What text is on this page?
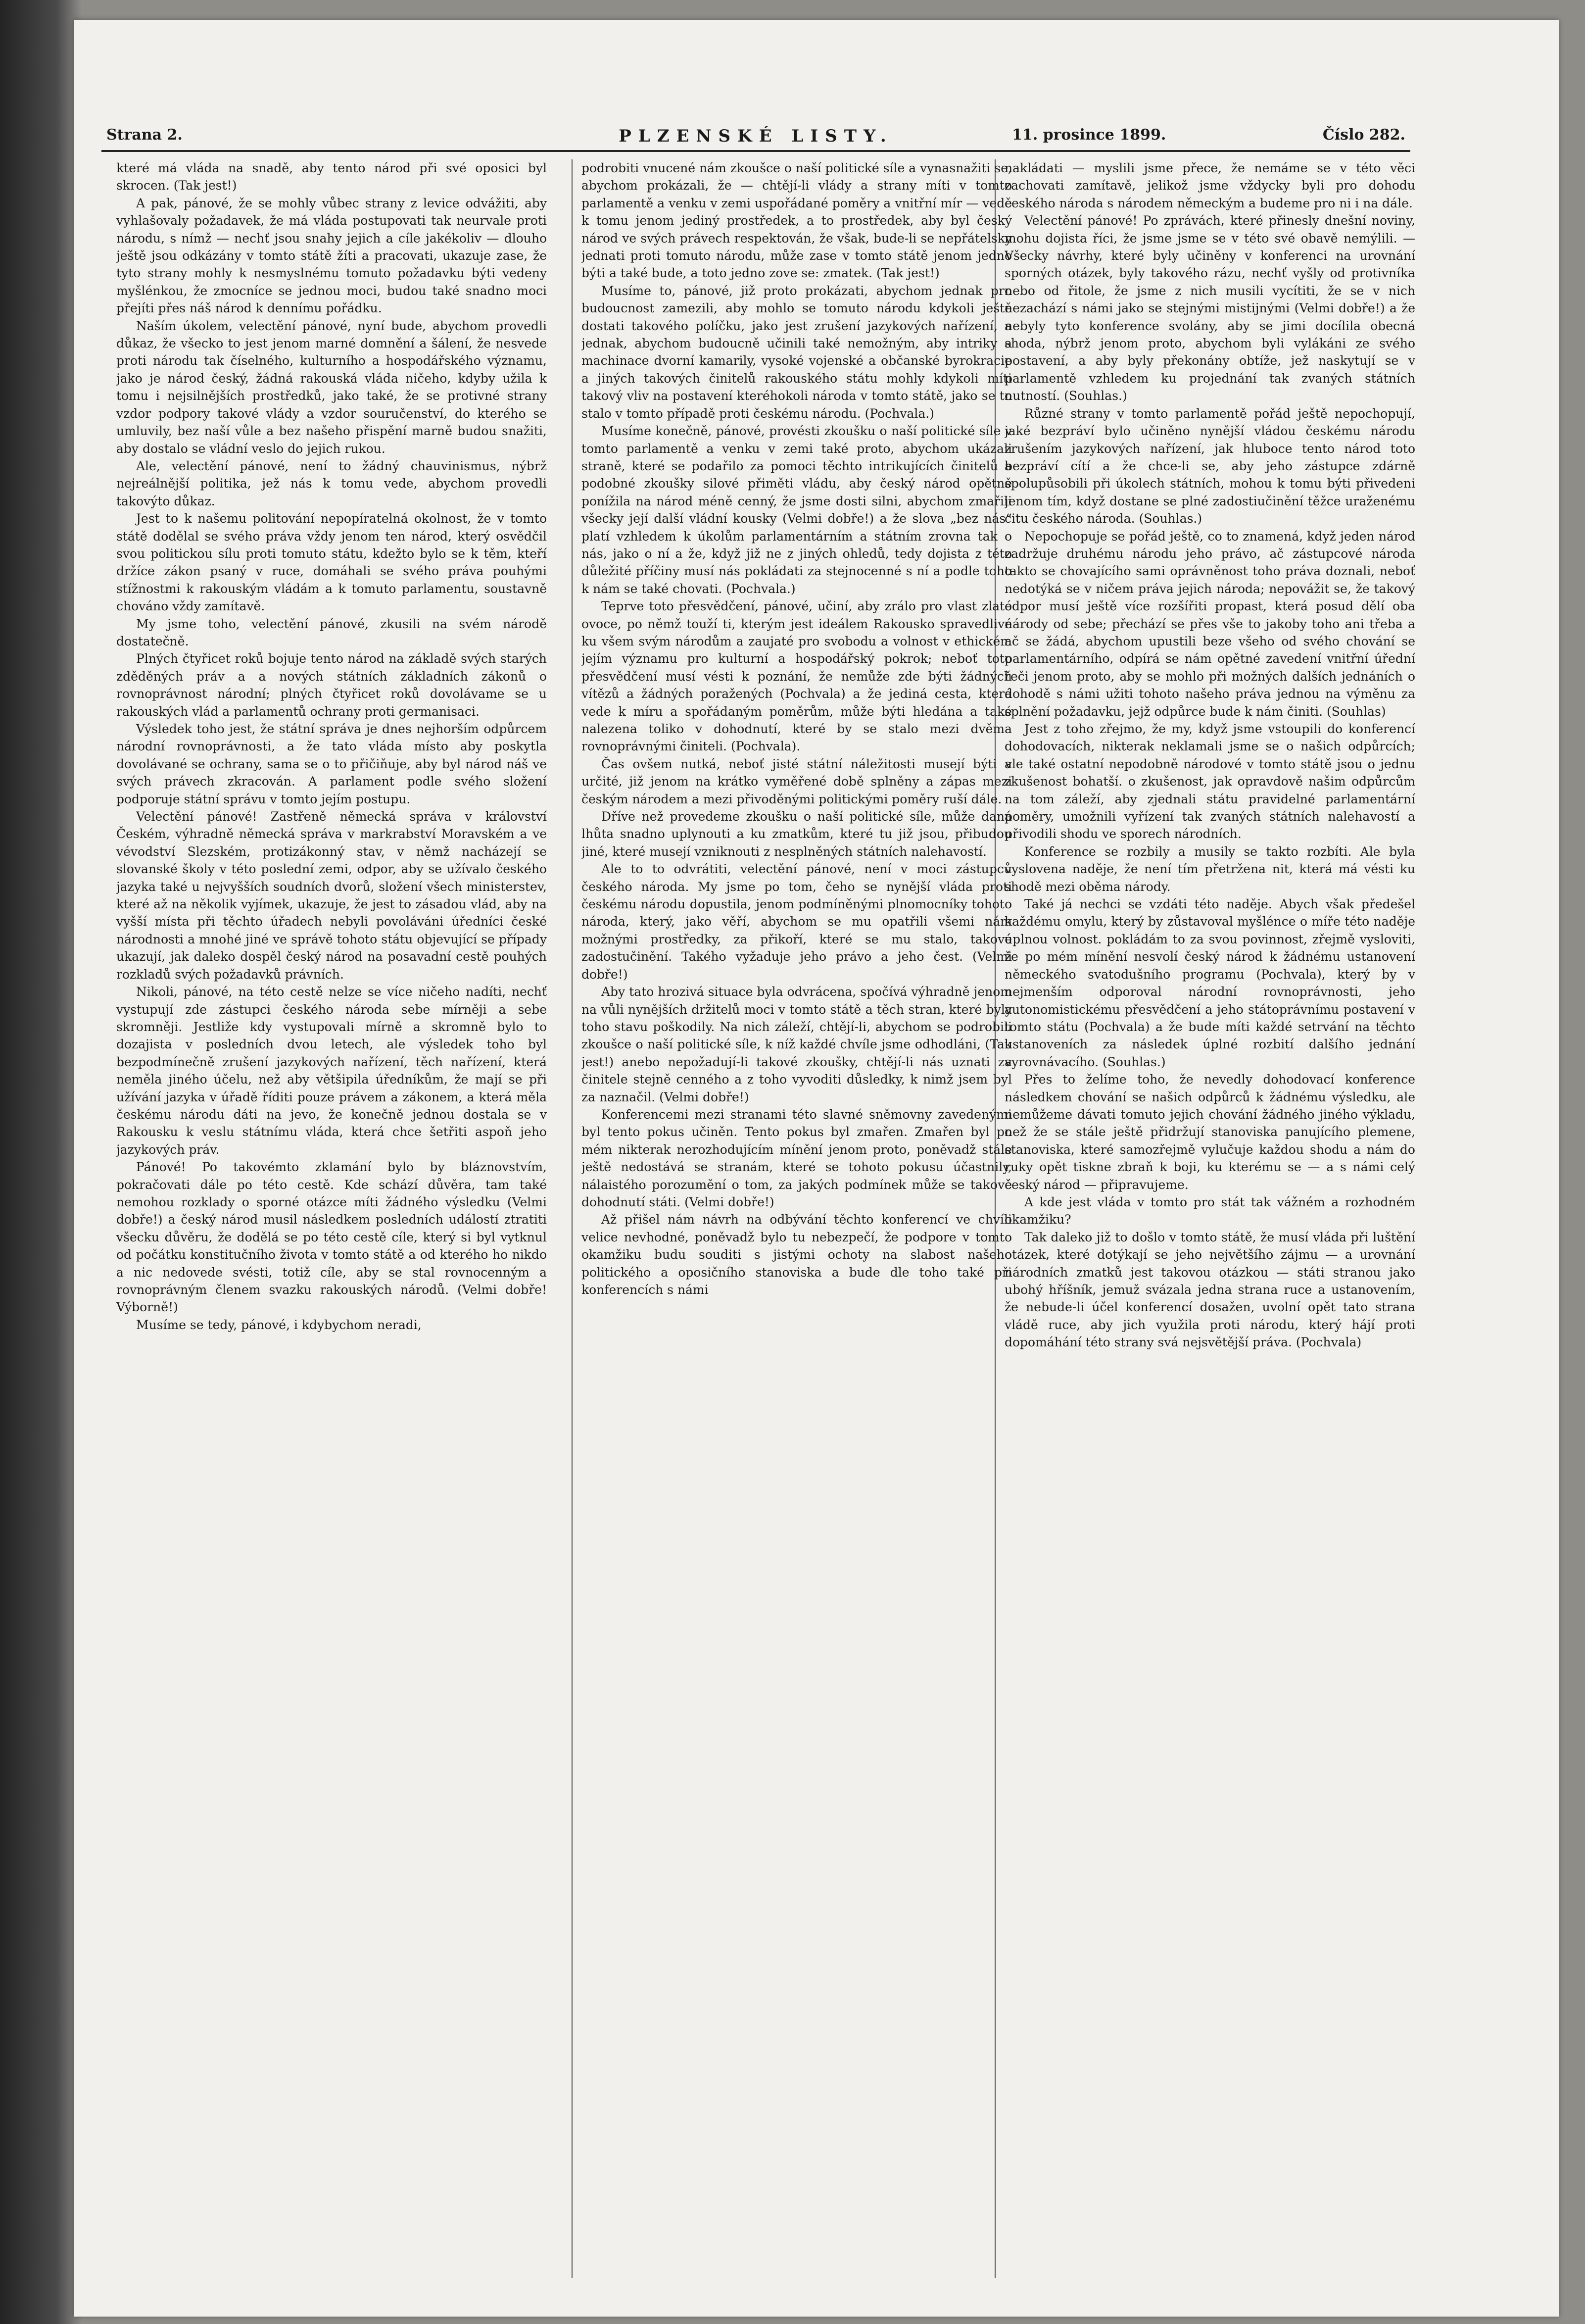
Strana 2.	PLZENSKÉ LISTY.	11. prosince 1899.	Číslo 282.

které má vláda na snadě, aby tento národ při své oposici byl skrocen. (Tak jest!)

A pak, pánové, že se mohly vůbec strany z levice odvážiti, aby vyhlašovaly požadavek, že má vláda postupovati tak neurvale proti národu, s nímž — nechť jsou snahy jejich a cíle jakékoliv — dlouho ještě jsou odkázány v tomto státě žíti a pracovati, ukazuje zase, že tyto strany mohly k nesmyslnému tomuto požadavku býti vedeny myšlénkou, že zmocníce se jednou moci, budou také snadno moci přejíti přes náš národ k dennímu pořádku.

Naším úkolem, velectění pánové, nyní bude, abychom provedli důkaz, že všecko to jest jenom marné domnění a šálení, že nesvede proti národu tak číselného, kulturního a hospodářského významu, jako je národ český, žádná rakouská vláda ničeho, kdyby užila k tomu i nejsilnějších prostředků, jako také, že se protivné strany vzdor podpory takové vlády a vzdor souručenství, do kterého se umluvily, bez naší vůle a bez našeho přispění marně budou snažiti, aby dostalo se vládní veslo do jejich rukou.

Ale, velectění pánové, není to žádný chauvinismus, nýbrž nejreálnější politika, jež nás k tomu vede, abychom provedli takovýto důkaz.

Jest to k našemu politování nepopíratelná okolnost, že v tomto státě dodělal se svého práva vždy jenom ten národ, který osvědčil svou politickou sílu proti tomuto státu, kdežto bylo se k těm, kteří držíce zákon psaný v ruce, domáhali se svého práva pouhými stížnostmi k rakouským vládám a k tomuto parlamentu, soustavně chováno vždy zamítavě.

My jsme toho, velectění pánové, zkusili na svém národě dostatečně.

Plných čtyřicet roků bojuje tento národ na základě svých starých zděděných práv a a nových státních základních zákonů o rovnoprávnost národní; plných čtyřicet roků dovolávame se u rakouských vlád a parlamentů ochrany proti germanisaci.

Výsledek toho jest, že státní správa je dnes nejhorším odpůrcem národní rovnoprávnosti, a že tato vláda místo aby poskytla dovolávané se ochrany, sama se o to přičiňuje, aby byl národ náš ve svých právech zkracován. A parlament podle svého složení podporuje státní správu v tomto jejím postupu.

Velectění pánové! Zastřeně německá správa v království Českém, výhradně německá správa v markrabství Moravském a ve vévodství Slezském, protizákonný stav, v němž nacházejí se slovanské školy v této poslední zemi, odpor, aby se užívalo českého jazyka také u nejvyšších soudních dvorů, složení všech ministerstev, které až na několik vyjímek, ukazuje, že jest to zásadou vlád, aby na vyšší místa při těchto úřadech nebyli povoláváni úředníci české národnosti a mnohé jiné ve správě tohoto státu objevující se případy ukazují, jak daleko dospěl český národ na posavadní cestě pouhých rozkladů svých požadavků právních.

Nikoli, pánové, na této cestě nelze se více ničeho nadíti, nechť vystupují zde zástupci českého národa sebe mírněji a sebe skromněji. Jestliže kdy vystupovali mírně a skromně bylo to dozajista v posledních dvou letech, ale výsledek toho byl bezpodmínečně zrušení jazykových nařízení, těch nařízení, která neměla jiného účelu, než aby většipila úředníkům, že mají se při užívání jazyka v úřadě říditi pouze právem a zákonem, a která měla českému národu dáti na jevo, že konečně jednou dostala se v Rakousku k veslu státnímu vláda, která chce šetřiti aspoň jeho jazykových práv.

Pánové! Po takovémto zklamání bylo by bláznovstvím, pokračovati dále po této cestě. Kde schází důvěra, tam také nemohou rozklady o sporné otázce míti žádného výsledku (Velmi dobře!) a český národ musil následkem posledních událostí ztratiti všecku důvěru, že dodělá se po této cestě cíle, který si byl vytknul od počátku konstitučního života v tomto státě a od kterého ho nikdo a nic nedovede svésti, totiž cíle, aby se stal rovnocenným a rovnoprávným členem svazku rakouských národů. (Velmi dobře! Výborně!)

Musíme se tedy, pánové, i kdybychom neradi,

podrobiti vnucené nám zkoušce o naší politické síle a vynasnažiti se, abychom prokázali, že — chtějí-li vlády a strany míti v tomto parlamentě a venku v zemi uspořádané poměry a vnitřní mír — vede k tomu jenom jediný prostředek, a to prostředek, aby byl český národ ve svých právech respektován, že však, bude-li se nepřátelsky jednati proti tomuto národu, může zase v tomto státě jenom jedno býti a také bude, a toto jedno zove se: zmatek. (Tak jest!)

Musíme to, pánové, již proto prokázati, abychom jednak pro budoucnost zamezili, aby mohlo se tomuto národu kdykoli ještě dostati takového políčku, jako jest zrušení jazykových nařízení, a jednak, abychom budoucně učinili také nemožným, aby intriky a machinace dvorní kamarily, vysoké vojenské a občanské byrokracie a jiných takových činitelů rakouského státu mohly kdykoli míti takový vliv na postavení kteréhokoli národa v tomto státě, jako se to stalo v tomto případě proti českému národu. (Pochvala.)

Musíme konečně, pánové, provésti zkoušku o naší politické síle v tomto parlamentě a venku v zemi také proto, abychom ukázali straně, které se podařilo za pomoci těchto intrikujících činitelů a podobné zkoušky silové přiměti vládu, aby český národ opětně ponížila na národ méně cenný, že jsme dosti silni, abychom zmařili všecky její další vládní kousky (Velmi dobře!) a že slova „bez nás“ platí vzhledem k úkolům parlamentárním a státním zrovna tak o nás, jako o ní a že, když již ne z jiných ohledů, tedy dojista z této důležité příčiny musí nás pokládati za stejnocenné s ní a podle toho k nám se také chovati. (Pochvala.)

Teprve toto přesvědčení, pánové, učiní, aby zrálo pro vlast zlaté ovoce, po němž touží ti, kterým jest ideálem Rakousko spravedlivé ku všem svým národům a zaujaté pro svobodu a volnost v ethickém jejím významu pro kulturní a hospodářský pokrok; neboť toto přesvědčení musí vésti k poznání, že nemůže zde býti žádných vítězů a žádných poražených (Pochvala) a že jediná cesta, která vede k míru a spořádaným poměrům, může býti hledána a také nalezena toliko v dohodnutí, které by se stalo mezi dvěma rovnoprávnými činiteli. (Pochvala).

Čas ovšem nutká, neboť jisté státní náležitosti musejí býti v určité, již jenom na krátko vyměřené době splněny a zápas mezi českým národem a mezi přivoděnými politickými poměry ruší dále.

Dříve než provedeme zkoušku o naší politické síle, může daná lhůta snadno uplynouti a ku zmatkům, které tu již jsou, přibudou jiné, které musejí vzniknouti z nesplněných státních nalehavostí.

Ale to to odvrátiti, velectění pánové, není v moci zástupců českého národa. My jsme po tom, čeho se nynější vláda proti českému národu dopustila, jenom podmíněnými plnomocníky tohoto národa, který, jako věří, abychom se mu opatřili všemi nám možnými prostředky, za přikoří, které se mu stalo, takové zadostučinění. Takého vyžaduje jeho právo a jeho čest. (Velmi dobře!)

Aby tato hrozivá situace byla odvrácena, spočívá výhradně jenom na vůli nynějších držitelů moci v tomto státě a těch stran, které byly toho stavu poškodily. Na nich záleží, chtějí-li, abychom se podrobili zkoušce o naší politické síle, k níž každé chvíle jsme odhodláni, (Tak jest!) anebo nepožadují-li takové zkoušky, chtějí-li nás uznati za činitele stejně cenného a z toho vyvoditi důsledky, k nimž jsem byl za naznačil. (Velmi dobře!)

Konferencemi mezi stranami této slavné sněmovny zavedenými byl tento pokus učiněn. Tento pokus byl zmařen. Zmařen byl po mém nikterak nerozhodujícím mínění jenom proto, poněvadž stále ještě nedostává se stranám, které se tohoto pokusu účastnily, nálaistého porozumění o tom, za jakých podmínek může se takové dohodnutí státi. (Velmi dobře!)

Až přišel nám návrh na odbývání těchto konferencí ve chvíli velice nevhodné, poněvadž bylo tu nebezpečí, že podpore v tomto okamžiku budu souditi s jistými ochoty na slabost našeho politického a oposičního stanoviska a bude dle toho také při konferencích s námi

nakládati — myslili jsme přece, že nemáme se v této věci zachovati zamítavě, jelikož jsme vždycky byli pro dohodu českého národa s národem německým a budeme pro ni i na dále.

Velectění pánové! Po zprávách, které přinesly dnešní noviny, mohu dojista říci, že jsme jsme se v této své obavě nemýlili. — Všecky návrhy, které byly učiněny v konferenci na urovnání sporných otázek, byly takového rázu, nechť vyšly od protivníka nebo od řitole, že jsme z nich musili vycítiti, že se v nich nezachází s námi jako se stejnými mistijnými (Velmi dobře!) a že nebyly tyto konference svolány, aby se jimi docílila obecná shoda, nýbrž jenom proto, abychom byli vylákáni ze svého postavení, a aby byly překonány obtíže, jež naskytují se v parlamentě vzhledem ku projednání tak zvaných státních nutností. (Souhlas.)

Různé strany v tomto parlamentě pořád ještě nepochopují, jaké bezpráví bylo učiněno nynější vládou českému národu zrušením jazykových nařízení, jak hluboce tento národ toto bezpráví cítí a že chce-li se, aby jeho zástupce zdárně spolupůsobili při úkolech státních, mohou k tomu býti přivedeni jenom tím, když dostane se plné zadostiučinění těžce uraženému citu českého národa. (Souhlas.)

Nepochopuje se pořád ještě, co to znamená, když jeden národ zadržuje druhému národu jeho právo, ač zástupcové národa takto se chovajícího sami oprávněnost toho práva doznali, neboť nedotýká se v ničem práva jejich národa; nepovážit se, že takový odpor musí ještě více rozšířiti propast, která posud dělí oba národy od sebe; přechází se přes vše to jakoby toho ani třeba a ač se žádá, abychom upustili beze všeho od svého chování se parlamentárního, odpírá se nám opětné zavedení vnitřní úřední řeči jenom proto, aby se mohlo při možných dalších jednáních o dohodě s námi užiti tohoto našeho práva jednou na výměnu za splnění požadavku, jejž odpůrce bude k nám činiti. (Souhlas)

Jest z toho zřejmo, že my, když jsme vstoupili do konferencí dohodovacích, nikterak neklamali jsme se o našich odpůrcích; ale také ostatní nepodobně národové v tomto státě jsou o jednu zkušenost bohatší. o zkušenost, jak opravdově našim odpůrcům na tom záleží, aby zjednali státu pravidelné parlamentární poměry, umožnili vyřízení tak zvaných státních nalehavostí a přivodili shodu ve sporech národních.

Konference se rozbily a musily se takto rozbíti. Ale byla vyslovena naděje, že není tím přetržena nit, která má vésti ku shodě mezi oběma národy.

Také já nechci se vzdáti této naděje. Abych však předešel každému omylu, který by zůstavoval myšlénce o míře této naděje úplnou volnost. pokládám to za svou povinnost, zřejmě vysloviti, že po mém mínění nesvolí český národ k žádnému ustanovení německého svatodušního programu (Pochvala), který by v nejmenším odporoval národní rovnoprávnosti, jeho autonomistickému přesvědčení a jeho státoprávnímu postavení v tomto státu (Pochvala) a že bude míti každé setrvání na těchto ustanoveních za následek úplné rozbití dalšího jednání vyrovnávacího. (Souhlas.)

Přes to želíme toho, že nevedly dohodovací konference následkem chování se našich odpůrců k žádnému výsledku, ale nemůžeme dávati tomuto jejich chování žádného jiného výkladu, než že se stále ještě přidržují stanoviska panujícího plemene, stanoviska, které samozřejmě vylučuje každou shodu a nám do ruky opět tiskne zbraň k boji, ku kterému se — a s námi celý český národ — připravujeme.

A kde jest vláda v tomto pro stát tak vážném a rozhodném okamžiku?

Tak daleko již to došlo v tomto státě, že musí vláda při luštění otázek, které dotýkají se jeho největšího zájmu — a urovnání národních zmatků jest takovou otázkou — státi stranou jako ubohý hříšník, jemuž svázala jedna strana ruce a ustanovením, že nebude-li účel konferencí dosažen, uvolní opět tato strana vládě ruce, aby jich využila proti národu, který hájí proti dopomáhání této strany svá nejsvětější práva. (Pochvala)
